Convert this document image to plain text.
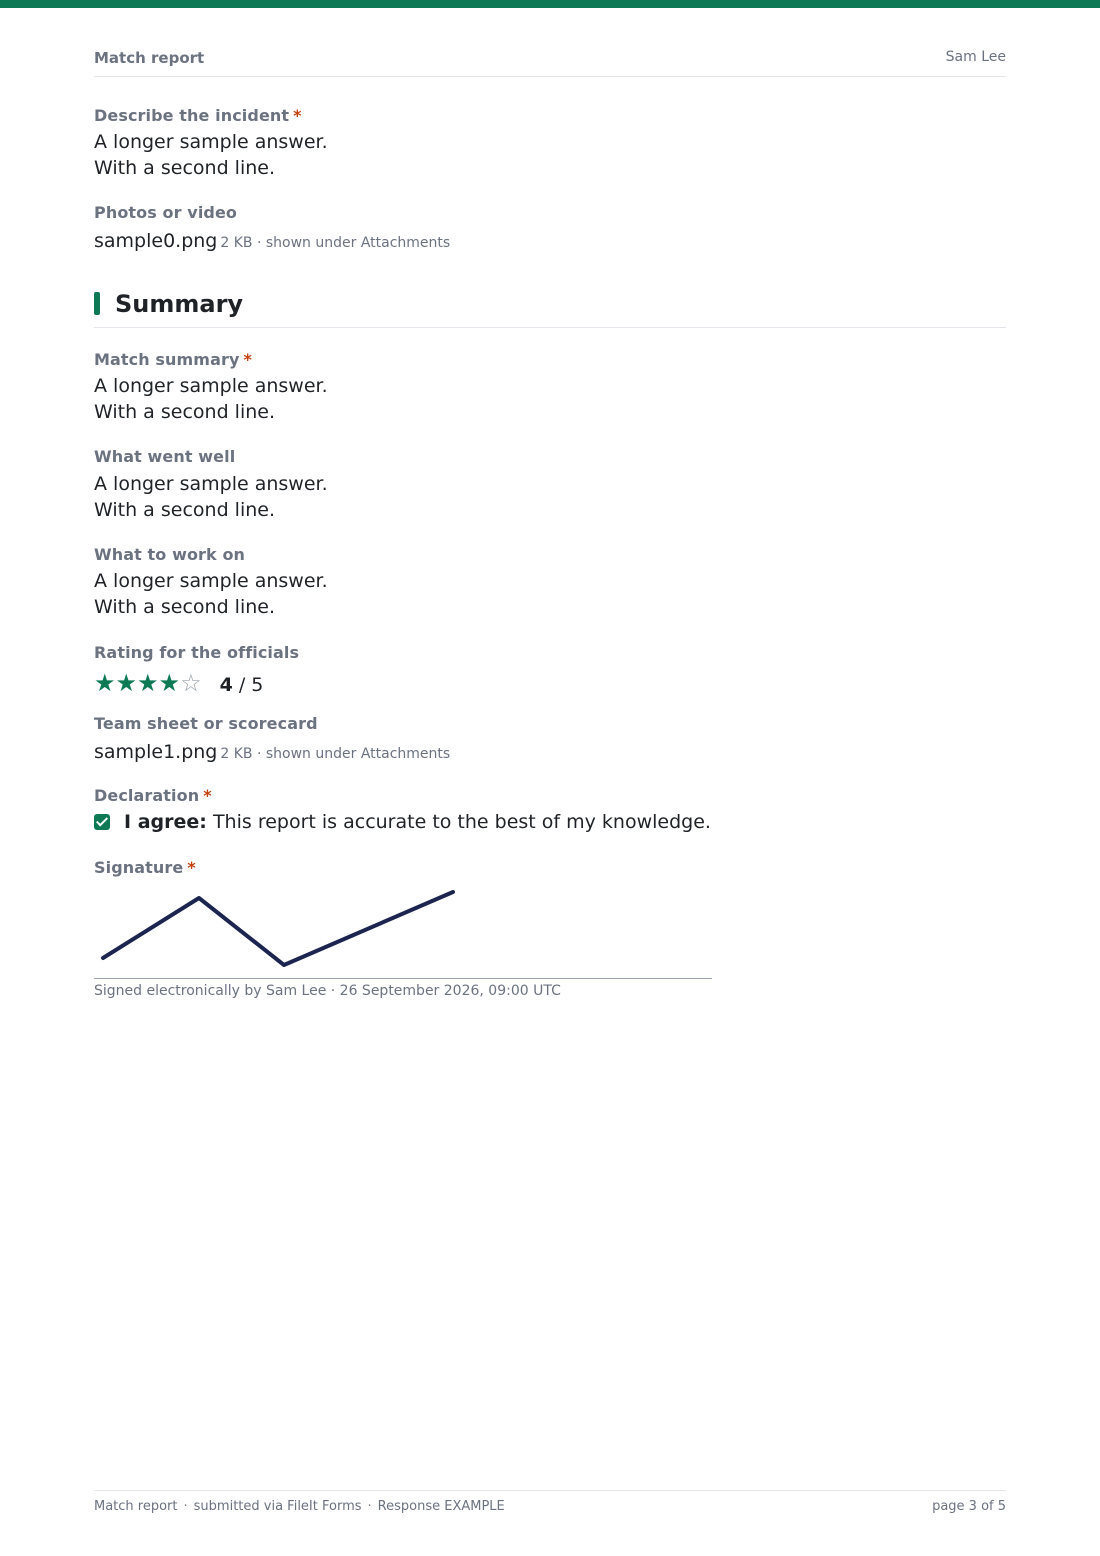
Match report	Sam Lee
Describe the incident *
A longer sample answer.
With a second line.
Photos or video
sample0.png 2 KB · shown under Attachments
Summary
Match summary *
A longer sample answer.
With a second line.
What went well
A longer sample answer.
With a second line.
What to work on
A longer sample answer.
With a second line.
Rating for the officials
★★★★☆ 4 / 5
Team sheet or scorecard
sample1.png 2 KB · shown under Attachments
Declaration *
I agree: This report is accurate to the best of my knowledge.
Signature *
Signed electronically by Sam Lee · 26 September 2026, 09:00 UTC
Match report · submitted via FileIt Forms · Response EXAMPLE	page 3 of 5
